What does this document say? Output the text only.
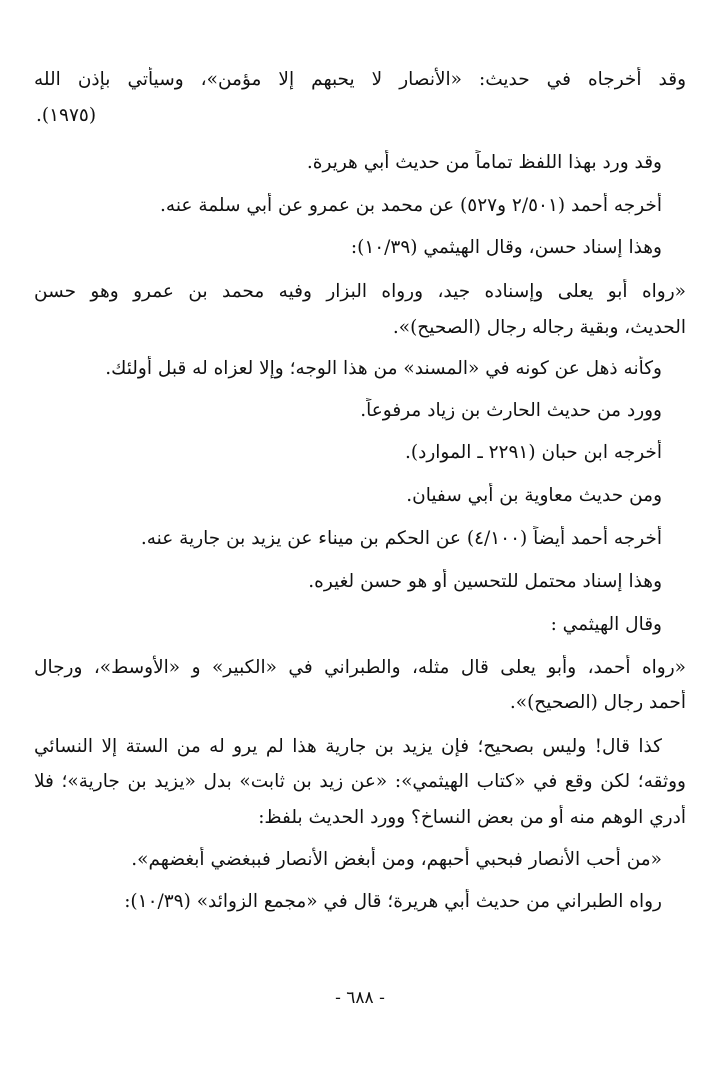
وقد أخرجاه في حديث: «الأنصار لا يحبهم إلا مؤمن»، وسيأتي بإذن الله
(١٩٧٥).
وقد ورد بهذا اللفظ تماماً من حديث أبي هريرة.
أخرجه أحمد (٢/٥٠١ و٥٢٧) عن محمد بن عمرو عن أبي سلمة عنه.
وهذا إسناد حسن، وقال الهيثمي (١٠/٣٩):
«رواه أبو يعلى وإسناده جيد، ورواه البزار وفيه محمد بن عمرو وهو حسن
الحديث، وبقية رجاله رجال (الصحيح)».
وكأنه ذهل عن كونه في «المسند» من هذا الوجه؛ وإلا لعزاه له قبل أولئك.
وورد من حديث الحارث بن زياد مرفوعاً.
أخرجه ابن حبان (٢٢٩١ ـ الموارد).
ومن حديث معاوية بن أبي سفيان.
أخرجه أحمد أيضاً (٤/١٠٠) عن الحكم بن ميناء عن يزيد بن جارية عنه.
وهذا إسناد محتمل للتحسين أو هو حسن لغيره.
وقال الهيثمي :
«رواه أحمد، وأبو يعلى قال مثله، والطبراني في «الكبير» و «الأوسط»، ورجال
أحمد رجال (الصحيح)».
كذا قال! وليس بصحيح؛ فإن يزيد بن جارية هذا لم يرو له من الستة إلا النسائي
ووثقه؛ لكن وقع في «كتاب الهيثمي»: «عن زيد بن ثابت» بدل «يزيد بن جارية»؛ فلا
أدري الوهم منه أو من بعض النساخ؟ وورد الحديث بلفظ:
«من أحب الأنصار فبحبي أحبهم، ومن أبغض الأنصار فببغضي أبغضهم».
رواه الطبراني من حديث أبي هريرة؛ قال في «مجمع الزوائد» (١٠/٣٩):
- ٦٨٨ -
